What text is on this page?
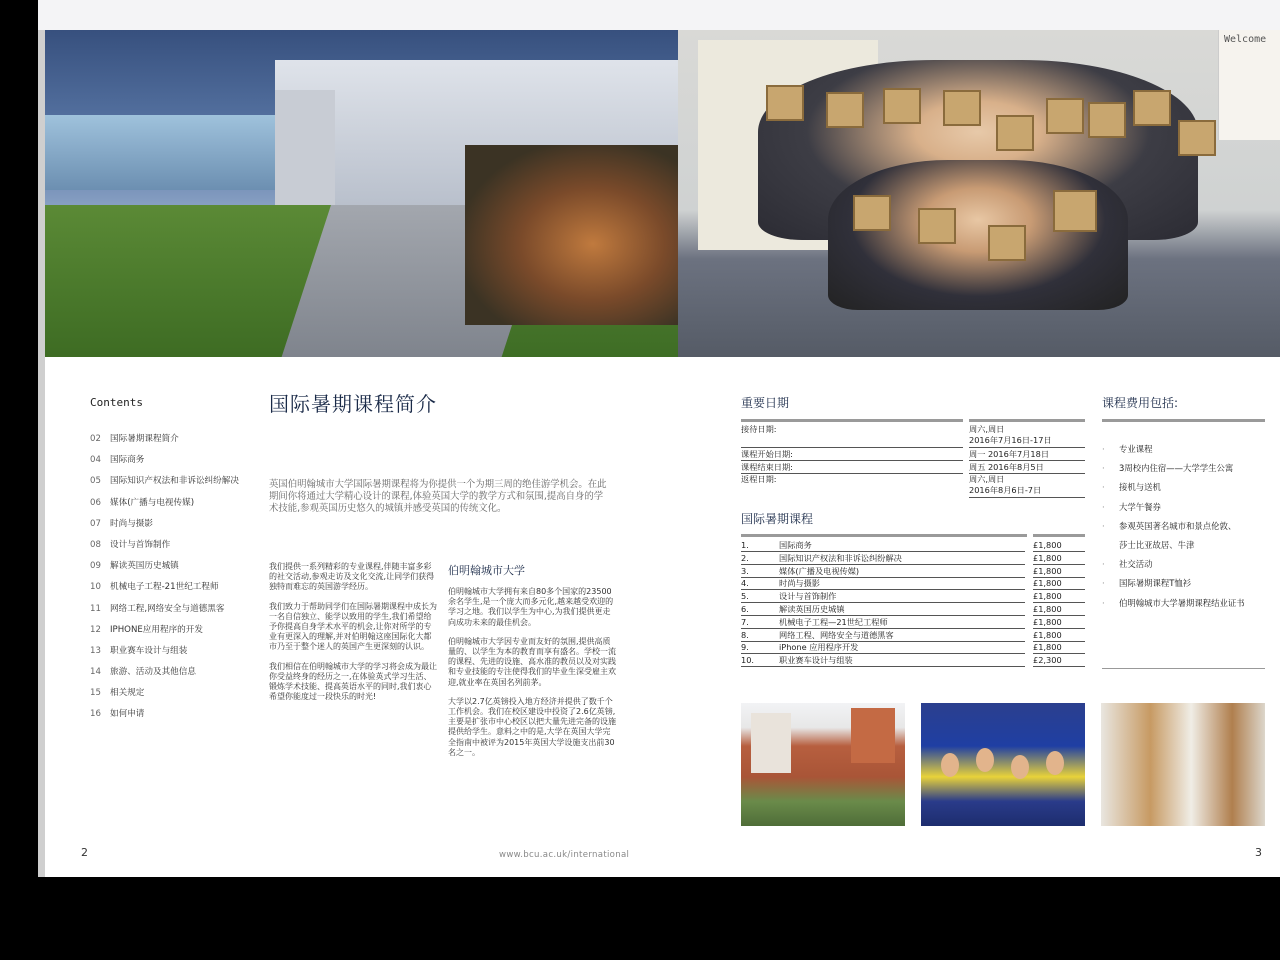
Welcome
Contents
02 国际暑期课程简介
04 国际商务
05 国际知识产权法和非诉讼纠纷解决
06 媒体(广播与电视传媒)
07 时尚与摄影
08 设计与首饰制作
09 解读英国历史城镇
10 机械电子工程-21世纪工程师
11 网络工程,网络安全与道德黑客
12 IPHONE应用程序的开发
13 职业赛车设计与组装
14 旅游、活动及其他信息
15 相关规定
16 如何申请
国际暑期课程简介
英国伯明翰城市大学国际暑期课程将为你提供一个为期三周的绝佳游学机会。在此期间你将通过大学精心设计的课程,体验英国大学的教学方式和氛围,提高自身的学术技能,参观英国历史悠久的城镇并感受英国的传统文化。

我们提供一系列精彩的专业课程,伴随丰富多彩的社交活动,参观走访及文化交流,让同学们获得独特而难忘的英国游学经历。

我们致力于帮助同学们在国际暑期课程中成长为一名自信独立、能学以致用的学生,我们希望给予你提高自身学术水平的机会,让你对所学的专业有更深入的理解,并对伯明翰这座国际化大都市乃至于整个迷人的英国产生更深刻的认识。

我们相信在伯明翰城市大学的学习将会成为最让你受益终身的经历之一,在体验英式学习生活、锻炼学术技能、提高英语水平的同时,我们衷心希望你能度过一段快乐的时光!

伯明翰城市大学

伯明翰城市大学拥有来自80多个国家的23500余名学生,是一个庞大而多元化,越来越受欢迎的学习之地。我们以学生为中心,为我们提供更走向成功未来的最佳机会。

伯明翰城市大学因专业而友好的氛围,提供高质量的、以学生为本的教育而享有盛名。学校一流的课程、先进的设施、高水准的教员以及对实践和专业技能的专注使得我们的毕业生深受雇主欢迎,就业率在英国名列前茅。

大学以2.7亿英镑投入地方经济并提供了数千个工作机会。我们在校区建设中投资了2.6亿英镑,主要是扩张市中心校区以把大量先进完备的设施提供给学生。意料之中的是,大学在英国大学完全指南中被评为2015年英国大学设施支出前30名之一。

2	www.bcu.ac.uk/international	3
重要日期
接待日期:	周六,周日
2016年7月16日-17日
课程开始日期:	周一 2016年7月18日
课程结束日期:	周五 2016年8月5日
返程日期:	周六,周日
2016年8月6日-7日
国际暑期课程
1.	国际商务	£1,800
2.	国际知识产权法和非诉讼纠纷解决	£1,800
3.	媒体(广播及电视传媒)	£1,800
4.	时尚与摄影	£1,800
5.	设计与首饰制作	£1,800
6.	解读英国历史城镇	£1,800
7.	机械电子工程—21世纪工程师	£1,800
8.	网络工程、网络安全与道德黑客	£1,800
9.	iPhone 应用程序开发	£1,800
10.	职业赛车设计与组装	£2,300
课程费用包括:
· 专业课程
· 3周校内住宿——大学学生公寓
· 接机与送机
· 大学午餐券
· 参观英国著名城市和景点伦敦、
莎士比亚故居、牛津
· 社交活动
· 国际暑期课程T恤衫
· 伯明翰城市大学暑期课程结业证书
